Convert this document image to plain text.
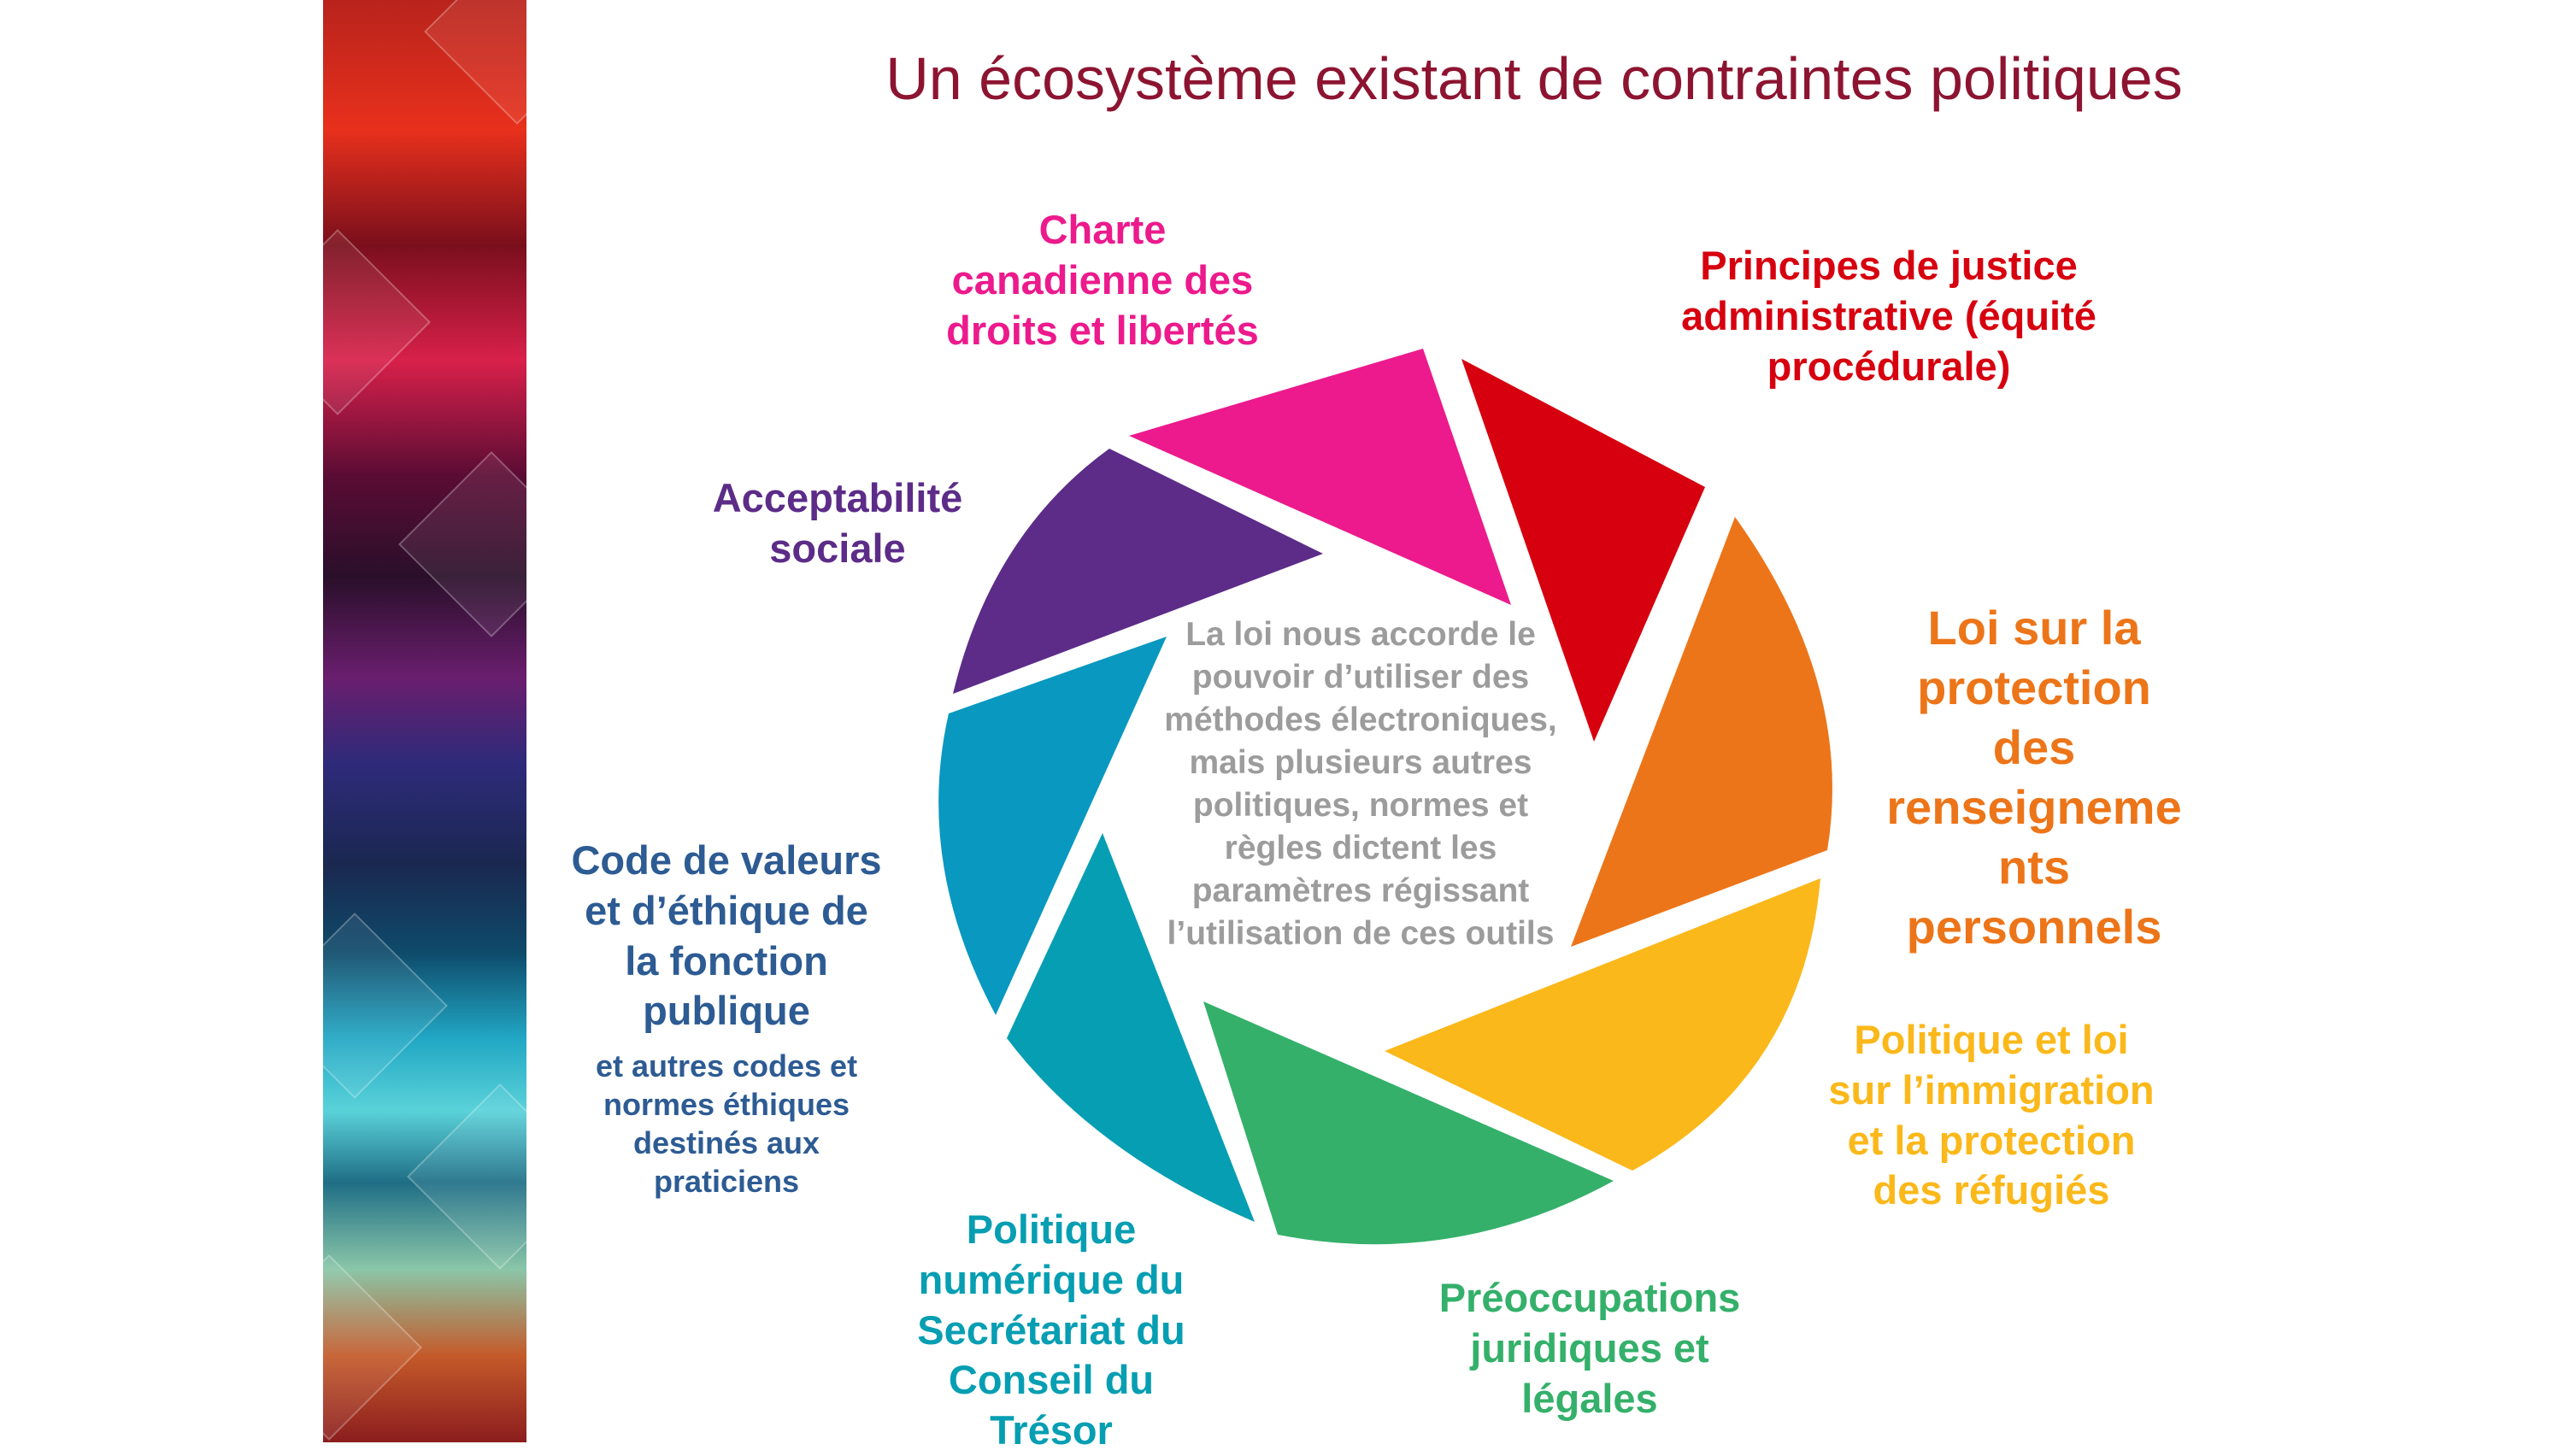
Un écosystème existant de contraintes politiques
La loi nous accorde le
pouvoir d’utiliser des
méthodes électroniques,
mais plusieurs autres
politiques, normes et
règles dictent les
paramètres régissant
l’utilisation de ces outils
Charte
canadienne des
droits et libertés
Principes de justice
administrative (équité
procédurale)
Loi sur la
protection
des
renseigneme
nts
personnels
Politique et loi
sur l’immigration
et la protection
des réfugiés
Préoccupations
juridiques et
légales
Politique
numérique du
Secrétariat du
Conseil du
Trésor
Code de valeurs
et d’éthique de
la fonction
publique
et autres codes et
normes éthiques
destinés aux
praticiens
Acceptabilité
sociale
